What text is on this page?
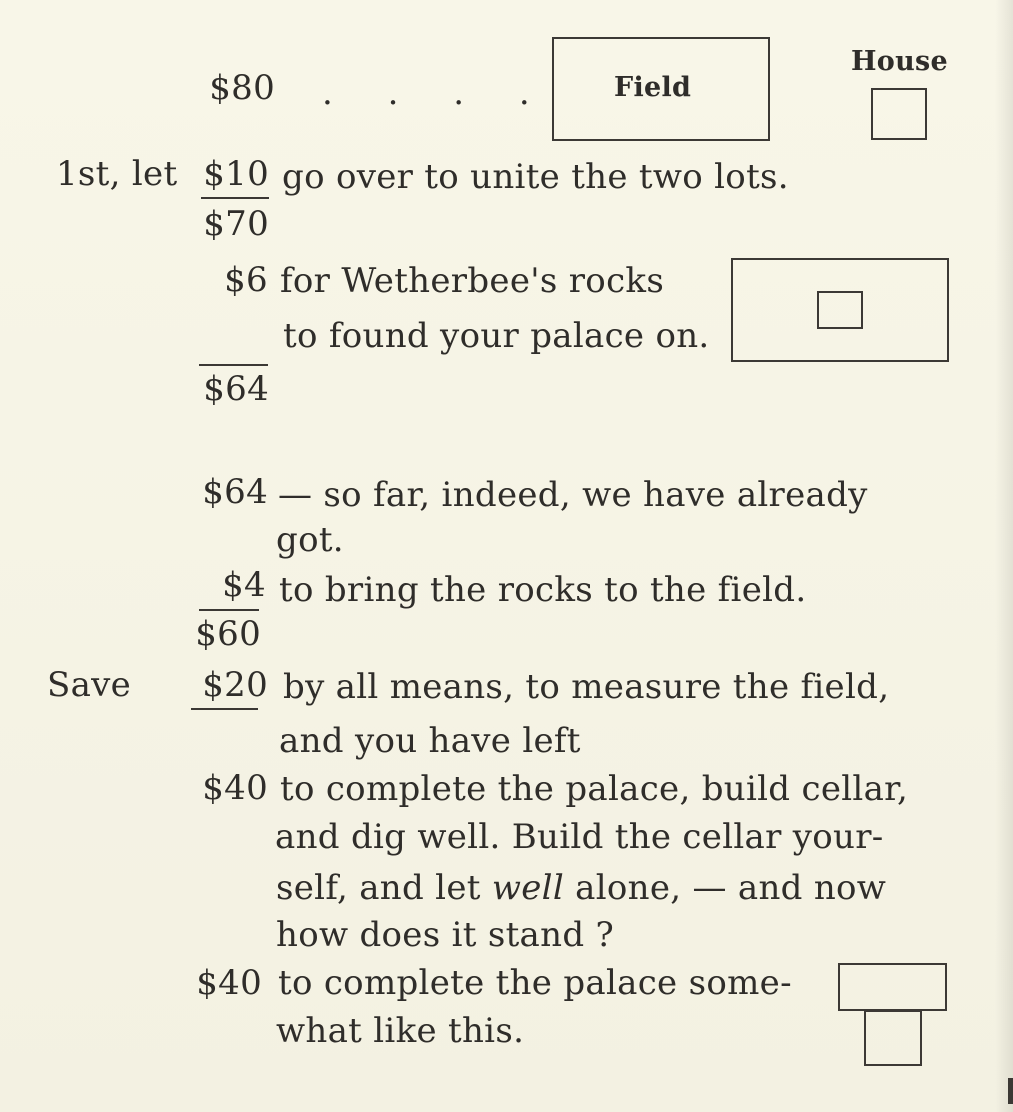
$80 . . . . Field
House
1st, let $10 go over to unite the two lots.
$70
$6 for Wetherbee's rocks
to found your palace on.
$64
$64 — so far, indeed, we have already
got.
$4 to bring the rocks to the field.
$60
Save	$20 by all means, to measure the field,
and you have left
$40 to complete the palace, build cellar,
and dig well. Build the cellar your-
self, and let well alone, — and now
how does it stand ?
$40 to complete the palace some-
what like this.
